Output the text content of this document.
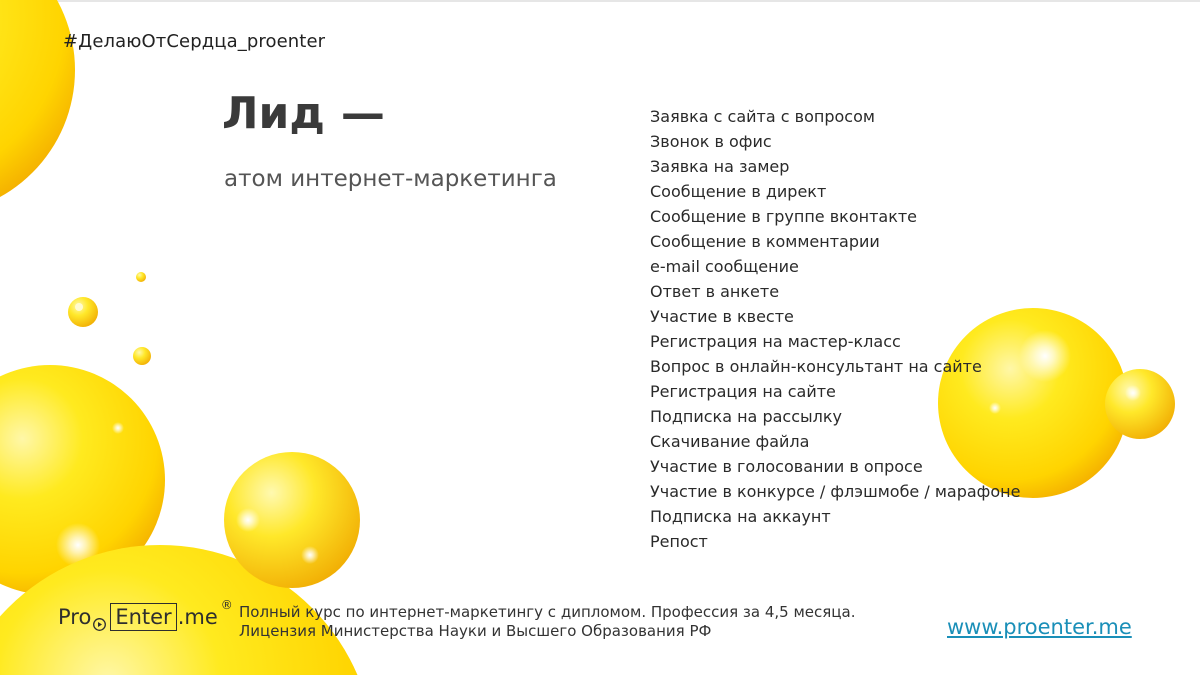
#ДелаюОтСердца_proenter
Лид —
атом интернет-маркетинга
Заявка с сайта с вопросом
Звонок в офис
Заявка на замер
Сообщение в директ
Сообщение в группе вконтакте
Сообщение в комментарии
e-mail сообщение
Ответ в анкете
Участие в квесте
Регистрация на мастер-класс
Вопрос в онлайн-консультант на сайте
Регистрация на сайте
Подписка на рассылку
Скачивание файла
Участие в голосовании в опросе
Участие в конкурсе / флэшмобе / марафоне
Подписка на аккаунт
Репост
Pro Enter .me ® Полный курс по интернет-маркетингу с дипломом. Профессия за 4,5 месяца.
Лицензия Министерства Науки и Высшего Образования РФ	www.proenter.me
